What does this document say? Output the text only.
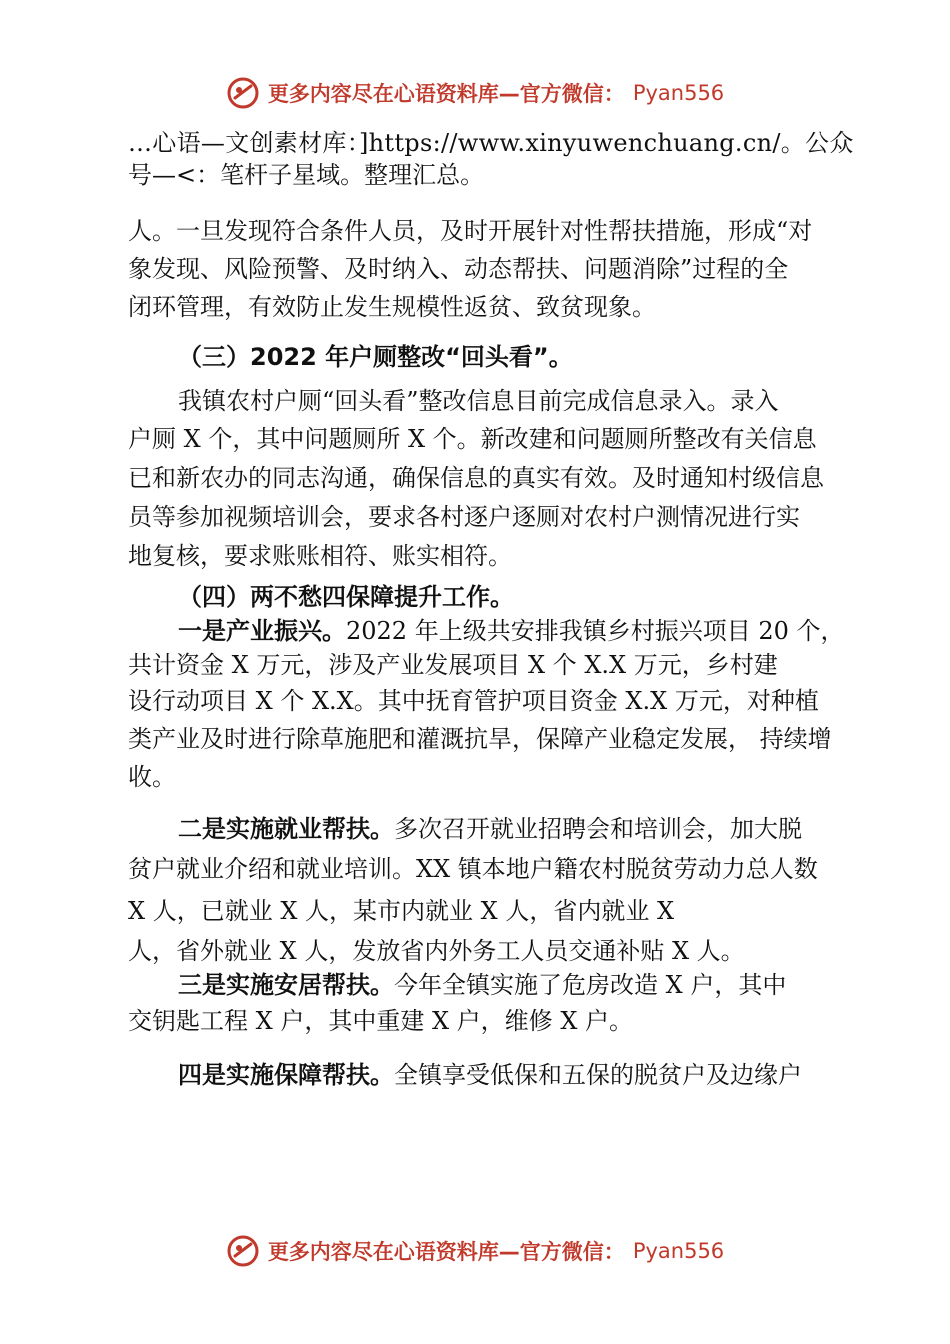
更多内容尽在心语资料库—官方微信： Pyan556
…心语—文创素材库：]https://www.xinyuwenchuang.cn/。公众
号—<：笔杆子星域。整理汇总。
人。一旦发现符合条件人员，及时开展针对性帮扶措施，形成“对
象发现、风险预警、及时纳入、动态帮扶、问题消除”过程的全
闭环管理，有效防止发生规模性返贫、致贫现象。
（三）2022 年户厕整改“回头看”。
我镇农村户厕“回头看”整改信息目前完成信息录入。录入
户厕 X 个，其中问题厕所 X 个。新改建和问题厕所整改有关信息
已和新农办的同志沟通，确保信息的真实有效。及时通知村级信息
员等参加视频培训会，要求各村逐户逐厕对农村户测情况进行实
地复核，要求账账相符、账实相符。
（四）两不愁四保障提升工作。
一是产业振兴。2022 年上级共安排我镇乡村振兴项目 20 个，
共计资金 X 万元，涉及产业发展项目 X 个 X.X 万元，乡村建
设行动项目 X 个 X.X。其中抚育管护项目资金 X.X 万元，对种植
类产业及时进行除草施肥和灌溉抗旱，保障产业稳定发展， 持续增
收。
二是实施就业帮扶。多次召开就业招聘会和培训会，加大脱
贫户就业介绍和就业培训。XX 镇本地户籍农村脱贫劳动力总人数
X 人，已就业 X 人，某市内就业 X 人，省内就业 X
人，省外就业 X 人，发放省内外务工人员交通补贴 X 人。
三是实施安居帮扶。今年全镇实施了危房改造 X 户，其中
交钥匙工程 X 户，其中重建 X 户，维修 X 户。
四是实施保障帮扶。全镇享受低保和五保的脱贫户及边缘户
更多内容尽在心语资料库—官方微信： Pyan556
